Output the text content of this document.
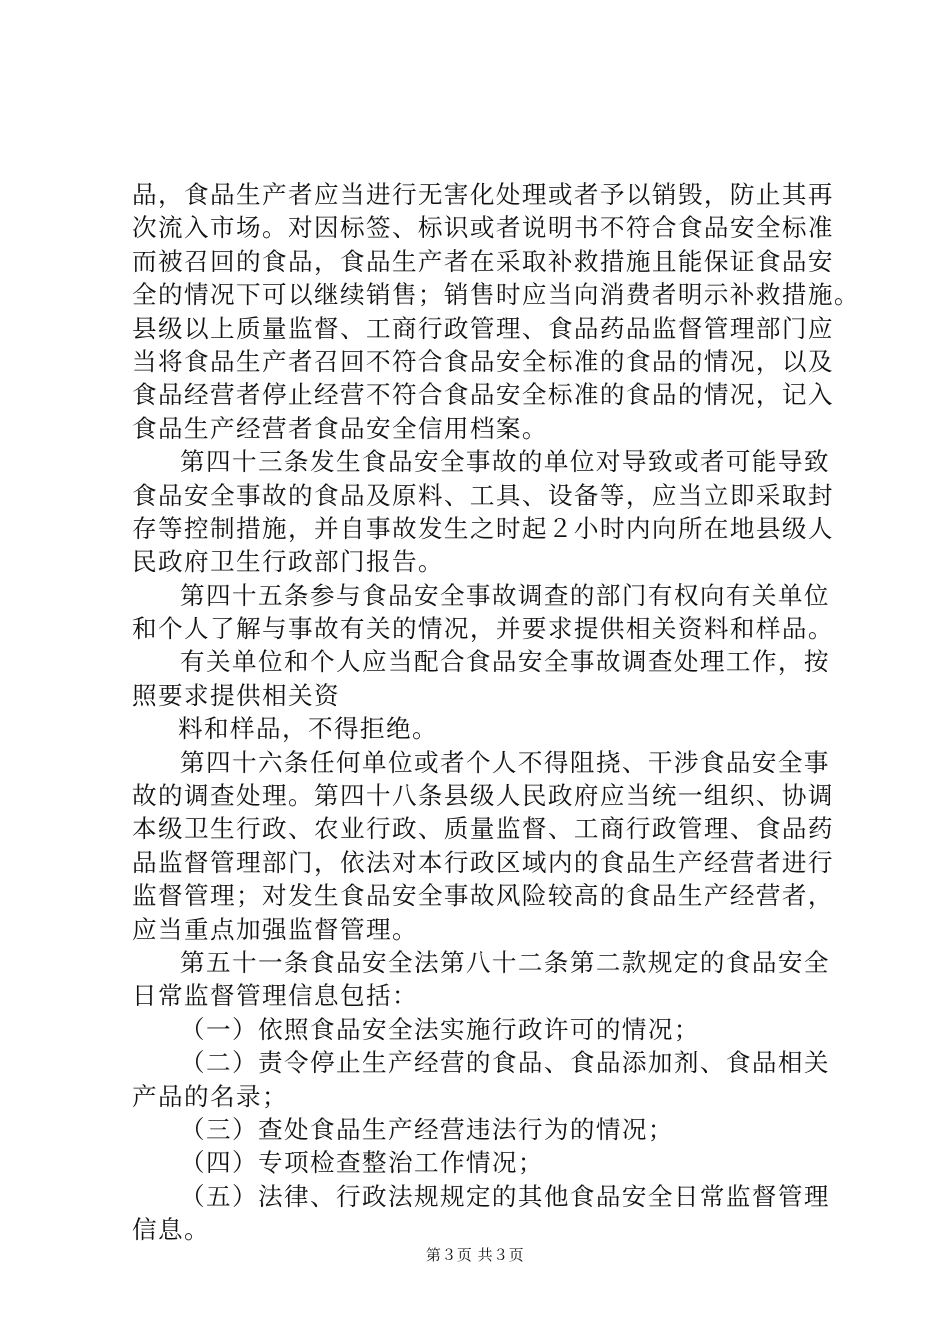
品，食品生产者应当进行无害化处理或者予以销毁，防止其再
次流入市场。对因标签、标识或者说明书不符合食品安全标准
而被召回的食品，食品生产者在采取补救措施且能保证食品安
全的情况下可以继续销售；销售时应当向消费者明示补救措施。
县级以上质量监督、工商行政管理、食品药品监督管理部门应
当将食品生产者召回不符合食品安全标准的食品的情况，以及
食品经营者停止经营不符合食品安全标准的食品的情况，记入
食品生产经营者食品安全信用档案。
第四十三条发生食品安全事故的单位对导致或者可能导致
食品安全事故的食品及原料、工具、设备等，应当立即采取封
存等控制措施，并自事故发生之时起２小时内向所在地县级人
民政府卫生行政部门报告。
第四十五条参与食品安全事故调查的部门有权向有关单位
和个人了解与事故有关的情况，并要求提供相关资料和样品。
有关单位和个人应当配合食品安全事故调查处理工作，按
照要求提供相关资
料和样品，不得拒绝。
第四十六条任何单位或者个人不得阻挠、干涉食品安全事
故的调查处理。第四十八条县级人民政府应当统一组织、协调
本级卫生行政、农业行政、质量监督、工商行政管理、食品药
品监督管理部门，依法对本行政区域内的食品生产经营者进行
监督管理；对发生食品安全事故风险较高的食品生产经营者，
应当重点加强监督管理。
第五十一条食品安全法第八十二条第二款规定的食品安全
日常监督管理信息包括：
（一）依照食品安全法实施行政许可的情况；
（二）责令停止生产经营的食品、食品添加剂、食品相关
产品的名录；
（三）查处食品生产经营违法行为的情况；
（四）专项检查整治工作情况；
（五）法律、行政法规规定的其他食品安全日常监督管理
信息。
第３页 共３页
